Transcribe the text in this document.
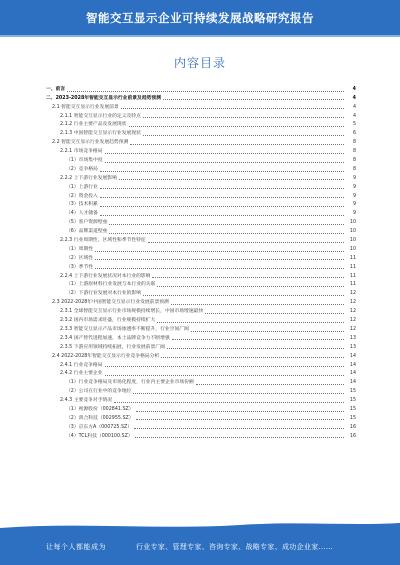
智能交互显示企业可持续发展战略研究报告
内容目录
一、前言	4
二、2023-2028年智能交互显示行业前景及趋势预测	4
2.1 智能交互显示行业发展前景	4
2.1.1 智能交互显示行业的定义及特点	4
2.1.2 行业主要产品及发展现状	5
2.1.3 中国智能交互显示行业发展现状	6
2.2 智能交互显示行业发展趋势预测	8
2.2.1 市场竞争格局	8
（1）市场集中度	8
（2）竞争格局	8
2.2.2 上下游行业发展影响	9
（1）上游行业	9
（2）资金投入	9
（3）技术积累	9
（4）人才储备	9
（5）客户资源壁垒	10
（6）品牌渠道壁垒	10
2.2.3 行业周期性、区域性和季节性特征	10
（1）周期性	10
（2）区域性	11
（3）季节性	11
2.2.4 上下游行业发展状况对本行业的影响	11
（1）上游原材料行业发展与本行业的关联	11
（2）下游行业发展对本行业的影响	12
2.3 2022-2028年中国智能交互显示行业发展前景预测	12
2.3.1 全球智能交互显示行业市场规模持续增长，中国市场增速最快	12
2.3.2 国内市场需求旺盛，行业规模持续扩大	12
2.3.3 智能交互显示产品市场渗透率不断提升，行业空间广阔	12
2.3.4 国产替代进程加速，本土品牌竞争力不断增强	13
2.3.5 下游应用领域持续拓展，行业发展前景广阔	13
2.4 2022-2028年智能交互显示行业竞争格局分析	14
2.4.1 行业竞争格局	14
2.4.2 行业主要企业	14
（1）行业竞争格局及市场化程度，行业内主要企业市场份额	14
（2）公司在行业中的竞争地位	15
2.4.3 主要竞争对手情况	15
（1）视源股份（002841.SZ）	15
（2）鸿合科技（002955.SZ）	15
（3）京东方A（000725.SZ）	16
（4）TCL科技（000100.SZ）	16
让每个人都能成为	行业专家、管理专家、咨询专家、战略专家、成功企业家……
